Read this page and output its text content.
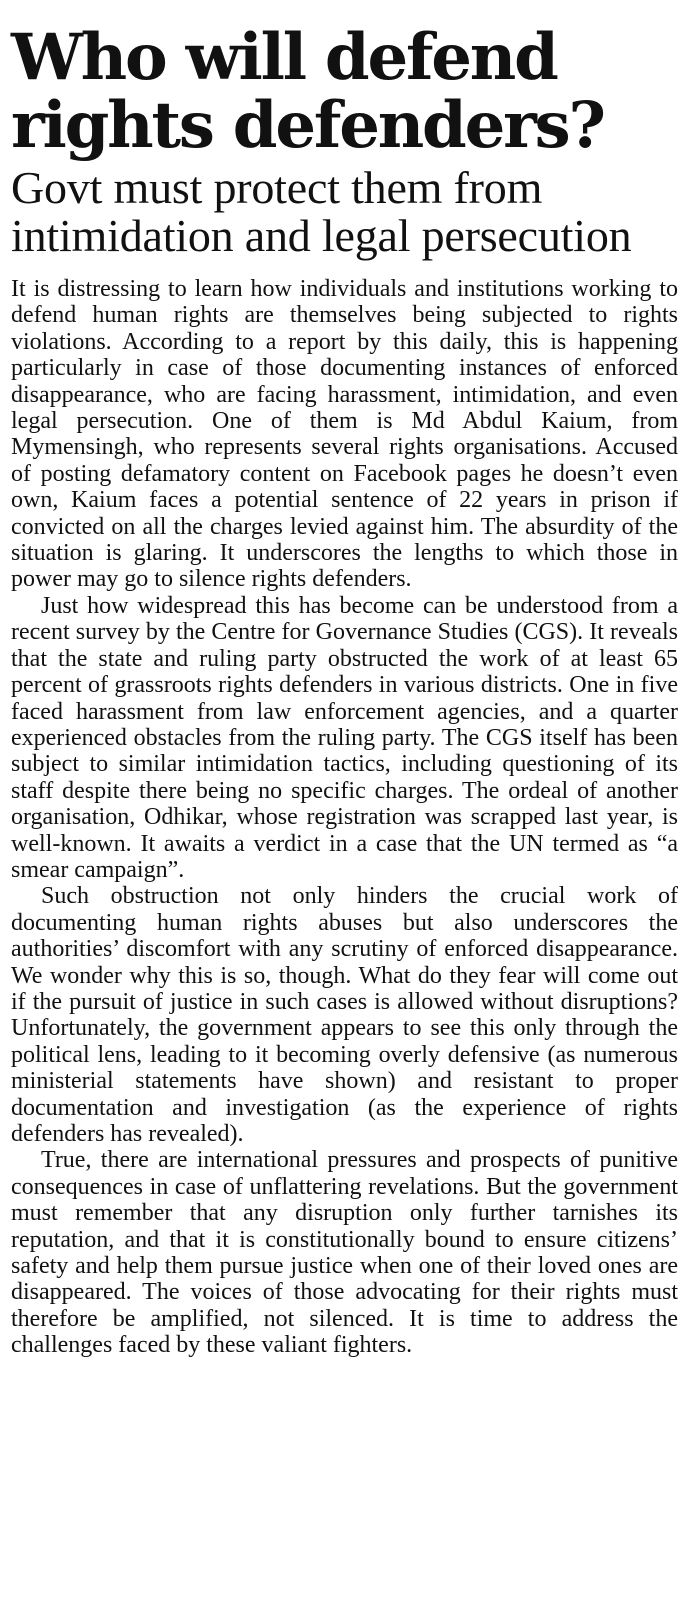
Who will defend rights defenders?
Govt must protect them from intimidation and legal persecution

It is distressing to learn how individuals and institutions working to defend human rights are themselves being subjected to rights violations. According to a report by this daily, this is happening particularly in case of those documenting instances of enforced disappearance, who are facing harassment, intimidation, and even legal persecution. One of them is Md Abdul Kaium, from Mymensingh, who represents several rights organisations. Accused of posting defamatory content on Facebook pages he doesn’t even own, Kaium faces a potential sentence of 22 years in prison if convicted on all the charges levied against him. The absurdity of the situation is glaring. It underscores the lengths to which those in power may go to silence rights defenders.

Just how widespread this has become can be understood from a recent survey by the Centre for Governance Studies (CGS). It reveals that the state and ruling party obstructed the work of at least 65 percent of grassroots rights defenders in various districts. One in five faced harassment from law enforcement agencies, and a quarter experienced obstacles from the ruling party. The CGS itself has been subject to similar intimidation tactics, including questioning of its staff despite there being no specific charges. The ordeal of another organisation, Odhikar, whose registration was scrapped last year, is well-known. It awaits a verdict in a case that the UN termed as “a smear campaign”.

Such obstruction not only hinders the crucial work of documenting human rights abuses but also underscores the authorities’ discomfort with any scrutiny of enforced disappearance. We wonder why this is so, though. What do they fear will come out if the pursuit of justice in such cases is allowed without disruptions? Unfortunately, the government appears to see this only through the political lens, leading to it becoming overly defensive (as numerous ministerial statements have shown) and resistant to proper documentation and investigation (as the experience of rights defenders has revealed).

True, there are international pressures and prospects of punitive consequences in case of unflattering revelations. But the government must remember that any disruption only further tarnishes its reputation, and that it is constitutionally bound to ensure citizens’ safety and help them pursue justice when one of their loved ones are disappeared. The voices of those advocating for their rights must therefore be amplified, not silenced. It is time to address the challenges faced by these valiant fighters.
